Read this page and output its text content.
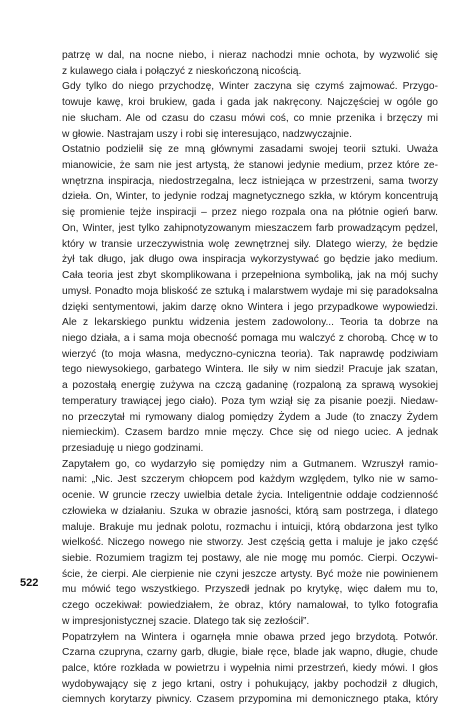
patrzę w dal, na nocne niebo, i nieraz nachodzi mnie ochota, by wyzwolić się
z kulawego ciała i połączyć z nieskończoną nicością.
Gdy tylko do niego przychodzę, Winter zaczyna się czymś zajmować. Przygo-
towuje kawę, kroi brukiew, gada i gada jak nakręcony. Najczęściej w ogóle go
nie słucham. Ale od czasu do czasu mówi coś, co mnie przenika i brzęczy mi
w głowie. Nastrajam uszy i robi się interesująco, nadzwyczajnie.
Ostatnio podzielił się ze mną głównymi zasadami swojej teorii sztuki. Uważa
mianowicie, że sam nie jest artystą, że stanowi jedynie medium, przez które ze-
wnętrzna inspiracja, niedostrzegalna, lecz istniejąca w przestrzeni, sama tworzy
dzieła. On, Winter, to jedynie rodzaj magnetycznego szkła, w którym koncentrują
się promienie tejże inspiracji – przez niego rozpala ona na płótnie ogień barw.
On, Winter, jest tylko zahipnotyzowanym mieszaczem farb prowadzącym pędzel,
który w transie urzeczywistnia wolę zewnętrznej siły. Dlatego wierzy, że będzie
żył tak długo, jak długo owa inspiracja wykorzystywać go będzie jako medium.
Cała teoria jest zbyt skomplikowana i przepełniona symboliką, jak na mój suchy
umysł. Ponadto moja bliskość ze sztuką i malarstwem wydaje mi się paradoksalna
dzięki sentymentowi, jakim darzę okno Wintera i jego przypadkowe wypowiedzi.
Ale z lekarskiego punktu widzenia jestem zadowolony... Teoria ta dobrze na
niego działa, a i sama moja obecność pomaga mu walczyć z chorobą. Chcę w to
wierzyć (to moja własna, medyczno-cyniczna teoria). Tak naprawdę podziwiam
tego niewysokiego, garbatego Wintera. Ile siły w nim siedzi! Pracuje jak szatan,
a pozostałą energię zużywa na czczą gadaninę (rozpaloną za sprawą wysokiej
temperatury trawiącej jego ciało). Poza tym wziął się za pisanie poezji. Niedaw-
no przeczytał mi rymowany dialog pomiędzy Żydem a Jude (to znaczy Żydem
niemieckim). Czasem bardzo mnie męczy. Chce się od niego uciec. A jednak
przesiaduję u niego godzinami.
Zapytałem go, co wydarzyło się pomiędzy nim a Gutmanem. Wzruszył ramio-
nami: „Nic. Jest szczerym chłopcem pod każdym względem, tylko nie w samo-
ocenie. W gruncie rzeczy uwielbia detale życia. Inteligentnie oddaje codzienność
człowieka w działaniu. Szuka w obrazie jasności, którą sam postrzega, i dlatego
maluje. Brakuje mu jednak polotu, rozmachu i intuicji, którą obdarzona jest tylko
wielkość. Niczego nowego nie stworzy. Jest częścią getta i maluje je jako część
siebie. Rozumiem tragizm tej postawy, ale nie mogę mu pomóc. Cierpi. Oczywi-
ście, że cierpi. Ale cierpienie nie czyni jeszcze artysty. Być może nie powinienem
mu mówić tego wszystkiego. Przyszedł jednak po krytykę, więc dałem mu to,
czego oczekiwał: powiedziałem, że obraz, który namalował, to tylko fotografia
w impresjonistycznej szacie. Dlatego tak się zezłościł”.
Popatrzyłem na Wintera i ogarnęła mnie obawa przed jego brzydotą. Potwór.
Czarna czupryna, czarny garb, długie, białe ręce, blade jak wapno, długie, chude
palce, które rozkłada w powietrzu i wypełnia nimi przestrzeń, kiedy mówi. I głos
wydobywający się z jego krtani, ostry i pohukujący, jakby pochodził z długich,
ciemnych korytarzy piwnicy. Czasem przypomina mi demonicznego ptaka, który
522
